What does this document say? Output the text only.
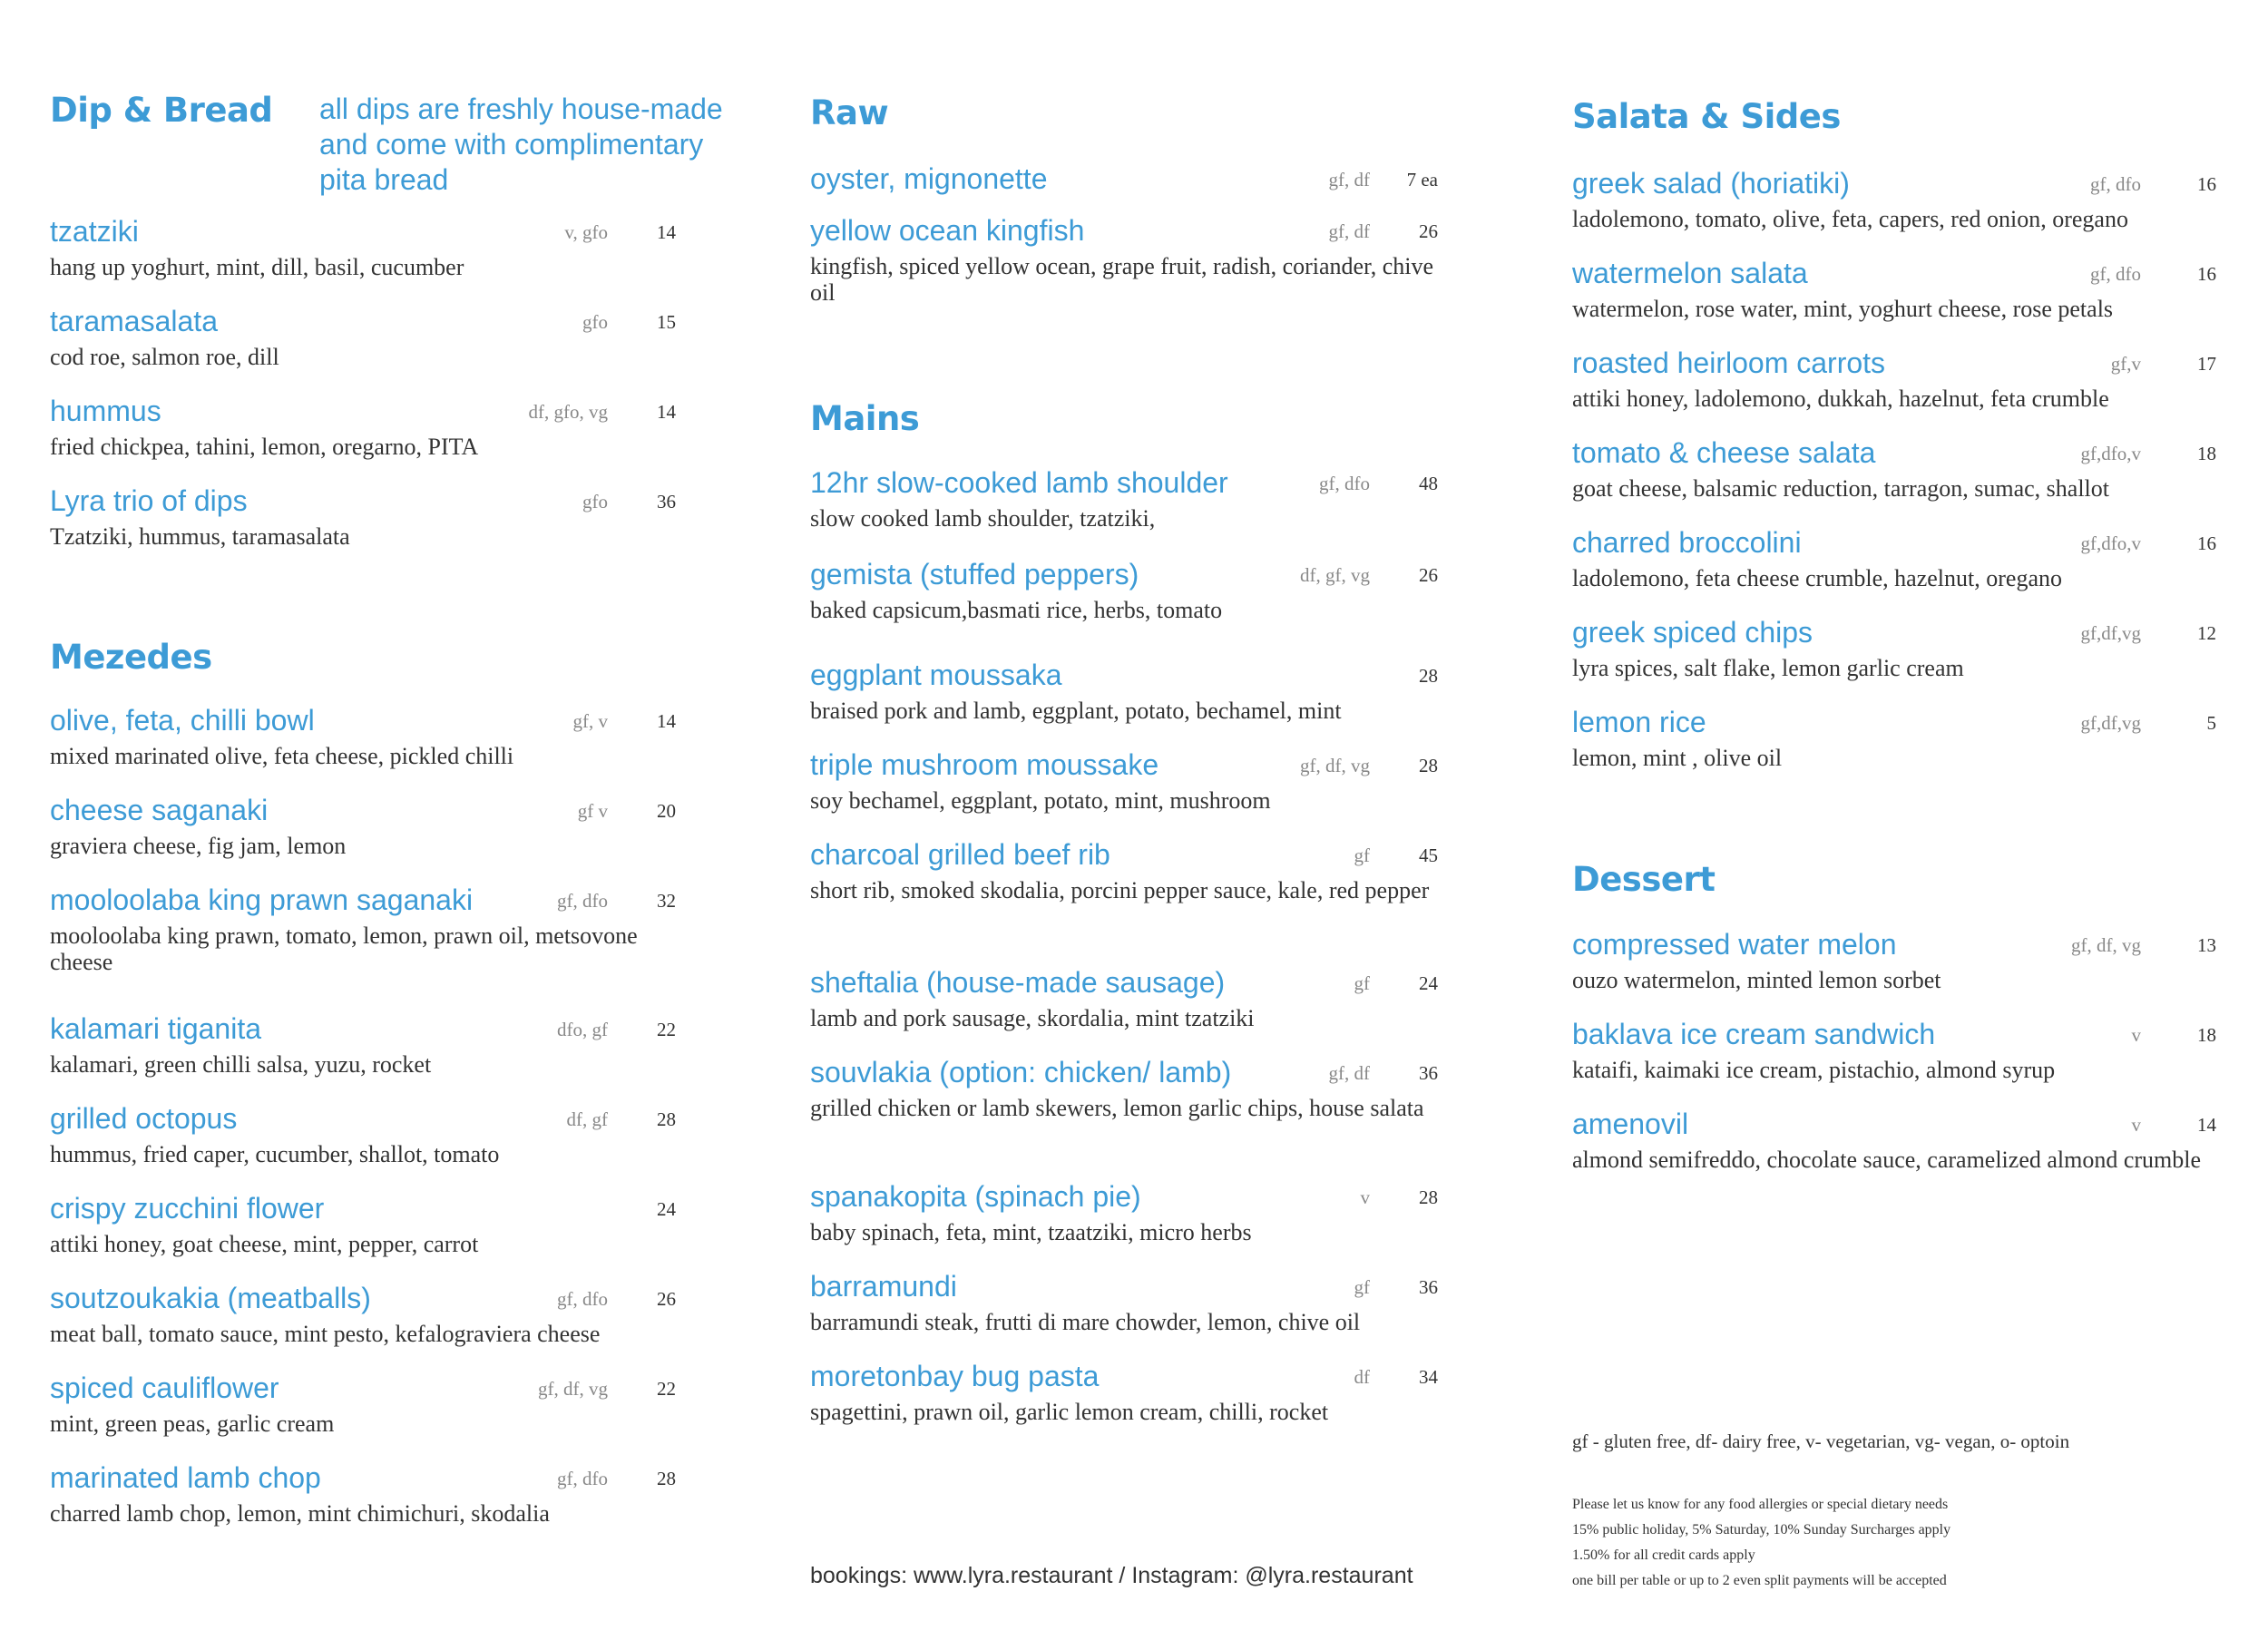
Dip & Bread all dips are freshly house-made and come with complimentary pita bread
tzatziki	v, gfo	14
hang up yoghurt, mint, dill, basil, cucumber
taramasalata	gfo	15
cod roe, salmon roe, dill
hummus	df, gfo, vg	14
fried chickpea, tahini, lemon, oregarno, PITA
Lyra trio of dips	gfo	36
Tzatziki, hummus, taramasalata
Mezedes
olive, feta, chilli bowl	gf, v	14
mixed marinated olive, feta cheese, pickled chilli
cheese saganaki	gf v	20
graviera cheese, fig jam, lemon
mooloolaba king prawn saganaki	gf, dfo	32
mooloolaba king prawn, tomato, lemon, prawn oil, metsovone cheese
kalamari tiganita	dfo, gf	22
kalamari, green chilli salsa, yuzu, rocket
grilled octopus	df, gf	28
hummus, fried caper, cucumber, shallot, tomato
crispy zucchini flower	24
attiki honey, goat cheese, mint, pepper, carrot
soutzoukakia (meatballs)	gf, dfo	26
meat ball, tomato sauce, mint pesto, kefalograviera cheese
spiced cauliflower	gf, df, vg	22
mint, green peas, garlic cream
marinated lamb chop	gf, dfo	28
charred lamb chop, lemon, mint chimichuri, skodalia
Raw
oyster, mignonette	gf, df	7 ea
yellow ocean kingfish	gf, df	26
kingfish, spiced yellow ocean, grape fruit, radish, coriander, chive oil
Mains
12hr slow-cooked lamb shoulder	gf, dfo	48
slow cooked lamb shoulder, tzatziki,
gemista (stuffed peppers)	df, gf, vg	26
baked capsicum,basmati rice, herbs, tomato
eggplant moussaka	28
braised pork and lamb, eggplant, potato, bechamel, mint
triple mushroom moussake	gf, df, vg	28
soy bechamel, eggplant, potato, mint, mushroom
charcoal grilled beef rib	gf	45
short rib, smoked skodalia, porcini pepper sauce, kale, red pepper
sheftalia (house-made sausage)	gf	24
lamb and pork sausage, skordalia, mint tzatziki
souvlakia (option: chicken/ lamb)	gf, df	36
grilled chicken or lamb skewers, lemon garlic chips, house salata
spanakopita (spinach pie)	v	28
baby spinach, feta, mint, tzaatziki, micro herbs
barramundi	gf	36
barramundi steak, frutti di mare chowder, lemon, chive oil
moretonbay bug pasta	df	34
spagettini, prawn oil, garlic lemon cream, chilli, rocket
Salata & Sides
greek salad (horiatiki)	gf, dfo	16
ladolemono, tomato, olive, feta, capers, red onion, oregano
watermelon salata	gf, dfo	16
watermelon, rose water, mint, yoghurt cheese, rose petals
roasted heirloom carrots	gf,v	17
attiki honey, ladolemono, dukkah, hazelnut, feta crumble
tomato & cheese salata	gf,dfo,v	18
goat cheese, balsamic reduction, tarragon, sumac, shallot
charred broccolini	gf,dfo,v	16
ladolemono, feta cheese crumble, hazelnut, oregano
greek spiced chips	gf,df,vg	12
lyra spices, salt flake, lemon garlic cream
lemon rice	gf,df,vg	5
lemon, mint , olive oil
Dessert
compressed water melon	gf, df, vg	13
ouzo watermelon, minted lemon sorbet
baklava ice cream sandwich	v	18
kataifi, kaimaki ice cream, pistachio, almond syrup
amenovil	v	14
almond semifreddo, chocolate sauce, caramelized almond crumble
gf - gluten free, df- dairy free, v- vegetarian, vg- vegan, o- optoin
Please let us know for any food allergies or special dietary needs
15% public holiday, 5% Saturday, 10% Sunday Surcharges apply
1.50% for all credit cards apply
one bill per table or up to 2 even split payments will be accepted
bookings: www.lyra.restaurant / Instagram: @lyra.restaurant
